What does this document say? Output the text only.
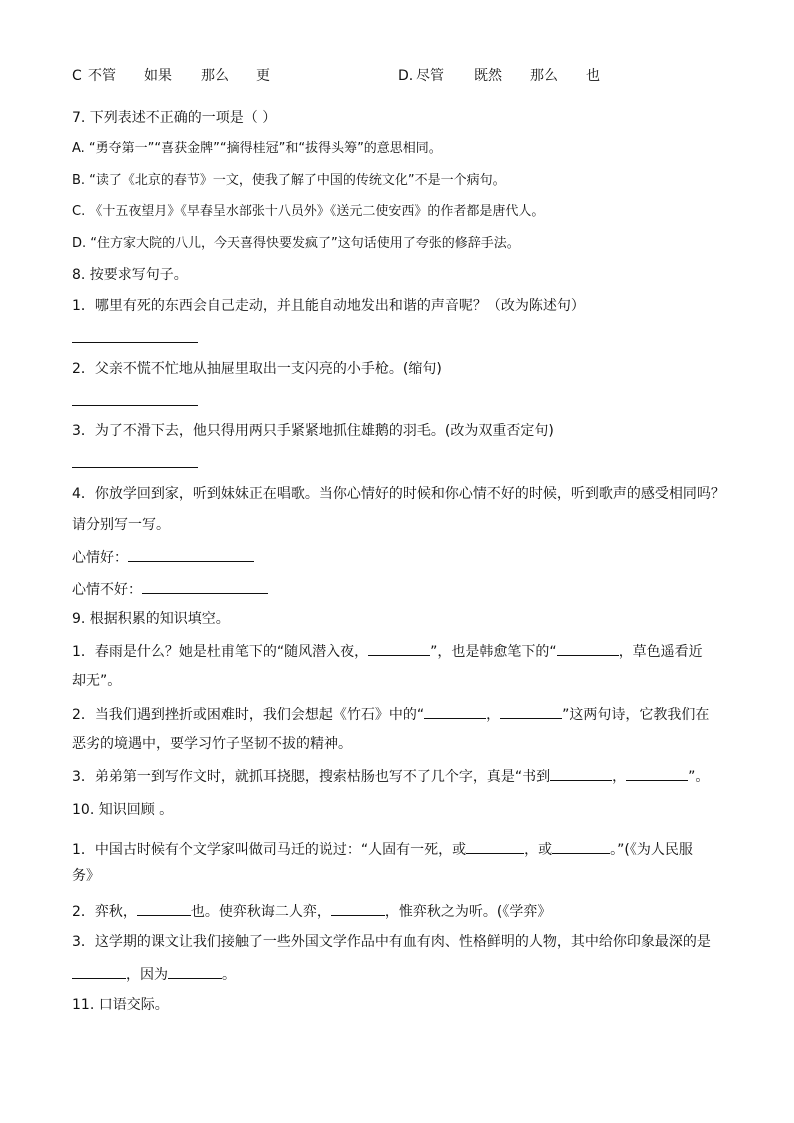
C 不管 如果 那么 更	D. 尽管 既然 那么 也
7. 下列表述不正确的一项是（ ）
A. “勇夺第一”“喜获金牌”“摘得桂冠”和“拔得头筹”的意思相同。
B. “读了《北京的春节》一文，使我了解了中国的传统文化”不是一个病句。
C. 《十五夜望月》《早春呈水部张十八员外》《送元二使安西》的作者都是唐代人。
D. “住方家大院的八儿，今天喜得快要发疯了”这句话使用了夸张的修辞手法。
8. 按要求写句子。
1．哪里有死的东西会自己走动，并且能自动地发出和谐的声音呢？（改为陈述句）
2．父亲不慌不忙地从抽屉里取出一支闪亮的小手枪。(缩句)
3．为了不滑下去，他只得用两只手紧紧地抓住雄鹅的羽毛。(改为双重否定句)
4．你放学回到家，听到妹妹正在唱歌。当你心情好的时候和你心情不好的时候，听到歌声的感受相同吗？
请分别写一写。
心情好：
心情不好：
9. 根据积累的知识填空。
1．春雨是什么？她是杜甫笔下的“随风潜入夜，	”，也是韩愈笔下的“	，草色遥看近
却无”。
2．当我们遇到挫折或困难时，我们会想起《竹石》中的“	，	”这两句诗，它教我们在
恶劣的境遇中，要学习竹子坚韧不拔的精神。
3．弟弟第一到写作文时，就抓耳挠腮，搜索枯肠也写不了几个字，真是“书到	，	”。
10. 知识回顾 。
1．中国古时候有个文学家叫做司马迁的说过：“人固有一死，或	，或	。”(《为人民服
务》
2．弈秋，	也。使弈秋诲二人弈，	，惟弈秋之为听。(《学弈》
3．这学期的课文让我们接触了一些外国文学作品中有血有肉、性格鲜明的人物，其中给你印象最深的是
，因为	。
11. 口语交际。
